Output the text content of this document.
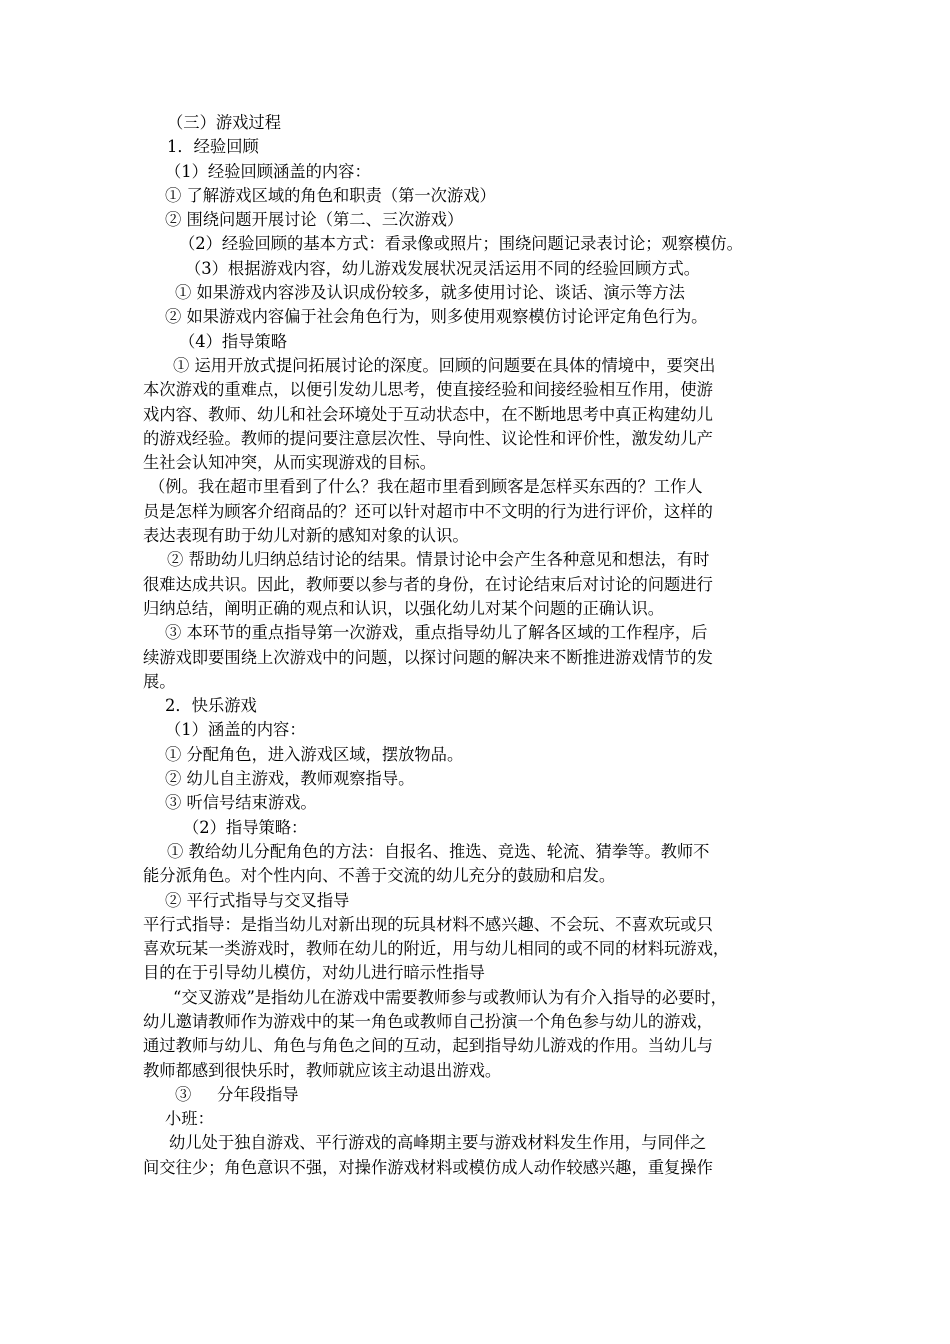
（三）游戏过程
1．经验回顾
（1）经验回顾涵盖的内容：
① 了解游戏区域的角色和职责（第一次游戏）
② 围绕问题开展讨论（第二、三次游戏）
（2）经验回顾的基本方式：看录像或照片；围绕问题记录表讨论；观察模仿。
（3）根据游戏内容，幼儿游戏发展状况灵活运用不同的经验回顾方式。
① 如果游戏内容涉及认识成份较多，就多使用讨论、谈话、演示等方法
② 如果游戏内容偏于社会角色行为，则多使用观察模仿讨论评定角色行为。
（4）指导策略
① 运用开放式提问拓展讨论的深度。回顾的问题要在具体的情境中，要突出
本次游戏的重难点，以便引发幼儿思考，使直接经验和间接经验相互作用，使游
戏内容、教师、幼儿和社会环境处于互动状态中，在不断地思考中真正构建幼儿
的游戏经验。教师的提问要注意层次性、导向性、议论性和评价性，激发幼儿产
生社会认知冲突，从而实现游戏的目标。
（例。我在超市里看到了什么？我在超市里看到顾客是怎样买东西的？工作人
员是怎样为顾客介绍商品的？还可以针对超市中不文明的行为进行评价，这样的
表达表现有助于幼儿对新的感知对象的认识。
② 帮助幼儿归纳总结讨论的结果。情景讨论中会产生各种意见和想法，有时
很难达成共识。因此，教师要以参与者的身份，在讨论结束后对讨论的问题进行
归纳总结，阐明正确的观点和认识，以强化幼儿对某个问题的正确认识。
③ 本环节的重点指导第一次游戏，重点指导幼儿了解各区域的工作程序，后
续游戏即要围绕上次游戏中的问题，以探讨问题的解决来不断推进游戏情节的发
展。
2．快乐游戏
（1）涵盖的内容：
① 分配角色，进入游戏区域，摆放物品。
② 幼儿自主游戏，教师观察指导。
③ 听信号结束游戏。
（2）指导策略：
① 教给幼儿分配角色的方法：自报名、推选、竞选、轮流、猜拳等。教师不
能分派角色。对个性内向、不善于交流的幼儿充分的鼓励和启发。
② 平行式指导与交叉指导
平行式指导：是指当幼儿对新出现的玩具材料不感兴趣、不会玩、不喜欢玩或只
喜欢玩某一类游戏时，教师在幼儿的附近，用与幼儿相同的或不同的材料玩游戏，
目的在于引导幼儿模仿，对幼儿进行暗示性指导
“交叉游戏”是指幼儿在游戏中需要教师参与或教师认为有介入指导的必要时，
幼儿邀请教师作为游戏中的某一角色或教师自己扮演一个角色参与幼儿的游戏，
通过教师与幼儿、角色与角色之间的互动，起到指导幼儿游戏的作用。当幼儿与
教师都感到很快乐时，教师就应该主动退出游戏。
③     分年段指导
小班：
幼儿处于独自游戏、平行游戏的高峰期主要与游戏材料发生作用，与同伴之
间交往少；角色意识不强，对操作游戏材料或模仿成人动作较感兴趣，重复操作
